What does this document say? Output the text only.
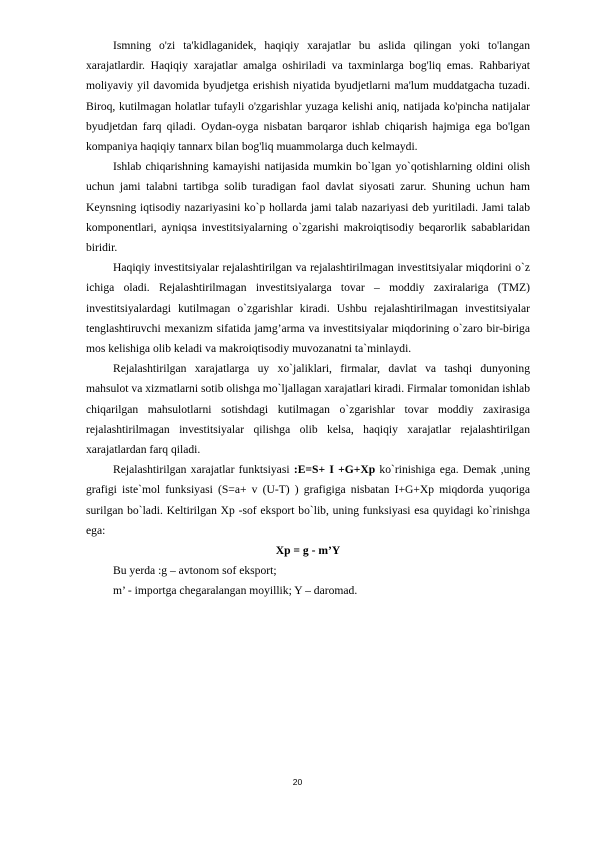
Ismning o'zi ta'kidlaganidek, haqiqiy xarajatlar bu aslida qilingan yoki to'langan xarajatlardir. Haqiqiy xarajatlar amalga oshiriladi va taxminlarga bog'liq emas. Rahbariyat moliyaviy yil davomida byudjetga erishish niyatida byudjetlarni ma'lum muddatgacha tuzadi. Biroq, kutilmagan holatlar tufayli o'zgarishlar yuzaga kelishi aniq, natijada ko'pincha natijalar byudjetdan farq qiladi. Oydan-oyga nisbatan barqaror ishlab chiqarish hajmiga ega bo'lgan kompaniya haqiqiy tannarx bilan bog'liq muammolarga duch kelmaydi.

Ishlab chiqarishning kamayishi natijasida mumkin bo`lgan yo`qotishlarning oldini olish uchun jami talabni tartibga solib turadigan faol davlat siyosati zarur. Shuning uchun ham Keynsning iqtisodiy nazariyasini ko`p hollarda jami talab nazariyasi deb yuritiladi. Jami talab komponentlari, ayniqsa investitsiyalarning o`zgarishi makroiqtisodiy beqarorlik sabablaridan biridir.

Haqiqiy investitsiyalar rejalashtirilgan va rejalashtirilmagan investitsiyalar miqdorini o`z ichiga oladi. Rejalashtirilmagan investitsiyalarga tovar – moddiy zaxiralariga (TMZ) investitsiyalardagi kutilmagan o`zgarishlar kiradi. Ushbu rejalashtirilmagan investitsiyalar tenglashtiruvchi mexanizm sifatida jamg’arma va investitsiyalar miqdorining o`zaro bir-biriga mos kelishiga olib keladi va makroiqtisodiy muvozanatni ta`minlaydi.

Rejalashtirilgan xarajatlarga uy xo`jaliklari, firmalar, davlat va tashqi dunyoning mahsulot va xizmatlarni sotib olishga mo`ljallagan xarajatlari kiradi. Firmalar tomonidan ishlab chiqarilgan mahsulotlarni sotishdagi kutilmagan o`zgarishlar tovar moddiy zaxirasiga rejalashtirilmagan investitsiyalar qilishga olib kelsa, haqiqiy xarajatlar rejalashtirilgan xarajatlardan farq qiladi.

Rejalashtirilgan xarajatlar funktsiyasi :E=S+ I +G+Xp ko`rinishiga ega. Demak ,uning grafigi iste`mol funksiyasi (S=a+ v (U-T) ) grafigiga nisbatan I+G+Xp miqdorda yuqoriga surilgan bo`ladi. Keltirilgan Xp -sof eksport bo`lib, uning funksiyasi esa quyidagi ko`rinishga ega:

Xp = g - m’Y

Bu yerda :g – avtonom sof eksport;

m’ - importga chegaralangan moyillik; Y – daromad.

20
